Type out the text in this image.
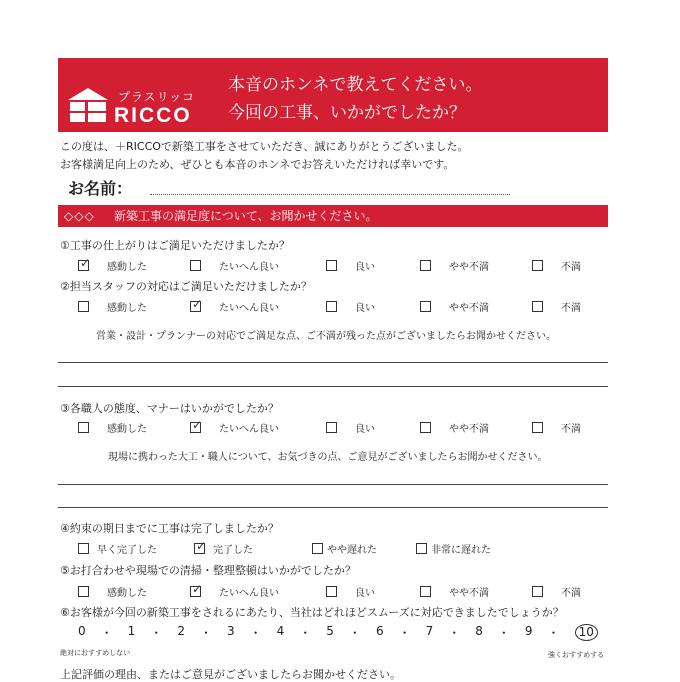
プラスリッコ
RICCO
本音のホンネで教えてください。
今回の工事、いかがでしたか？
この度は、＋RICCOで新築工事をさせていただき、誠にありがとうございました。
お客様満足向上のため、ぜひとも本音のホンネでお答えいただければ幸いです。
お名前：
◇◇◇ 新築工事の満足度について、お聞かせください。
①工事の仕上がりはご満足いただけましたか？
✓
感動した	たいへん良い	良い	やや不満	不満
②担当スタッフの対応はご満足いただけましたか？
感動した ✓	たいへん良い	良い	やや不満	不満
営業・設計・プランナーの対応でご満足な点、ご不満が残った点がございましたらお聞かせください。
③各職人の態度、マナーはいかがでしたか？
感動した ✓	たいへん良い	良い	やや不満	不満
現場に携わった大工・職人について、お気づきの点、ご意見がございましたらお聞かせください。
④約束の期日までに工事は完了しましたか？
早く完了した ✓	完了した	やや遅れた	非常に遅れた
⑤お打合わせや現場での清掃・整理整頓はいかがでしたか？
感動した ✓	たいへん良い	良い	やや不満	不満
⑥お客様が今回の新築工事をされるにあたり、当社はどれほどスムーズに対応できましたでしょうか？
0 ・ 1 ・ 2 ・ 3 ・ 4 ・ 5 ・ 6 ・ 7 ・ 8 ・ 9 ・	10
絶対におすすめしない	強くおすすめする
上記評価の理由、またはご意見がございましたらお聞かせください。
